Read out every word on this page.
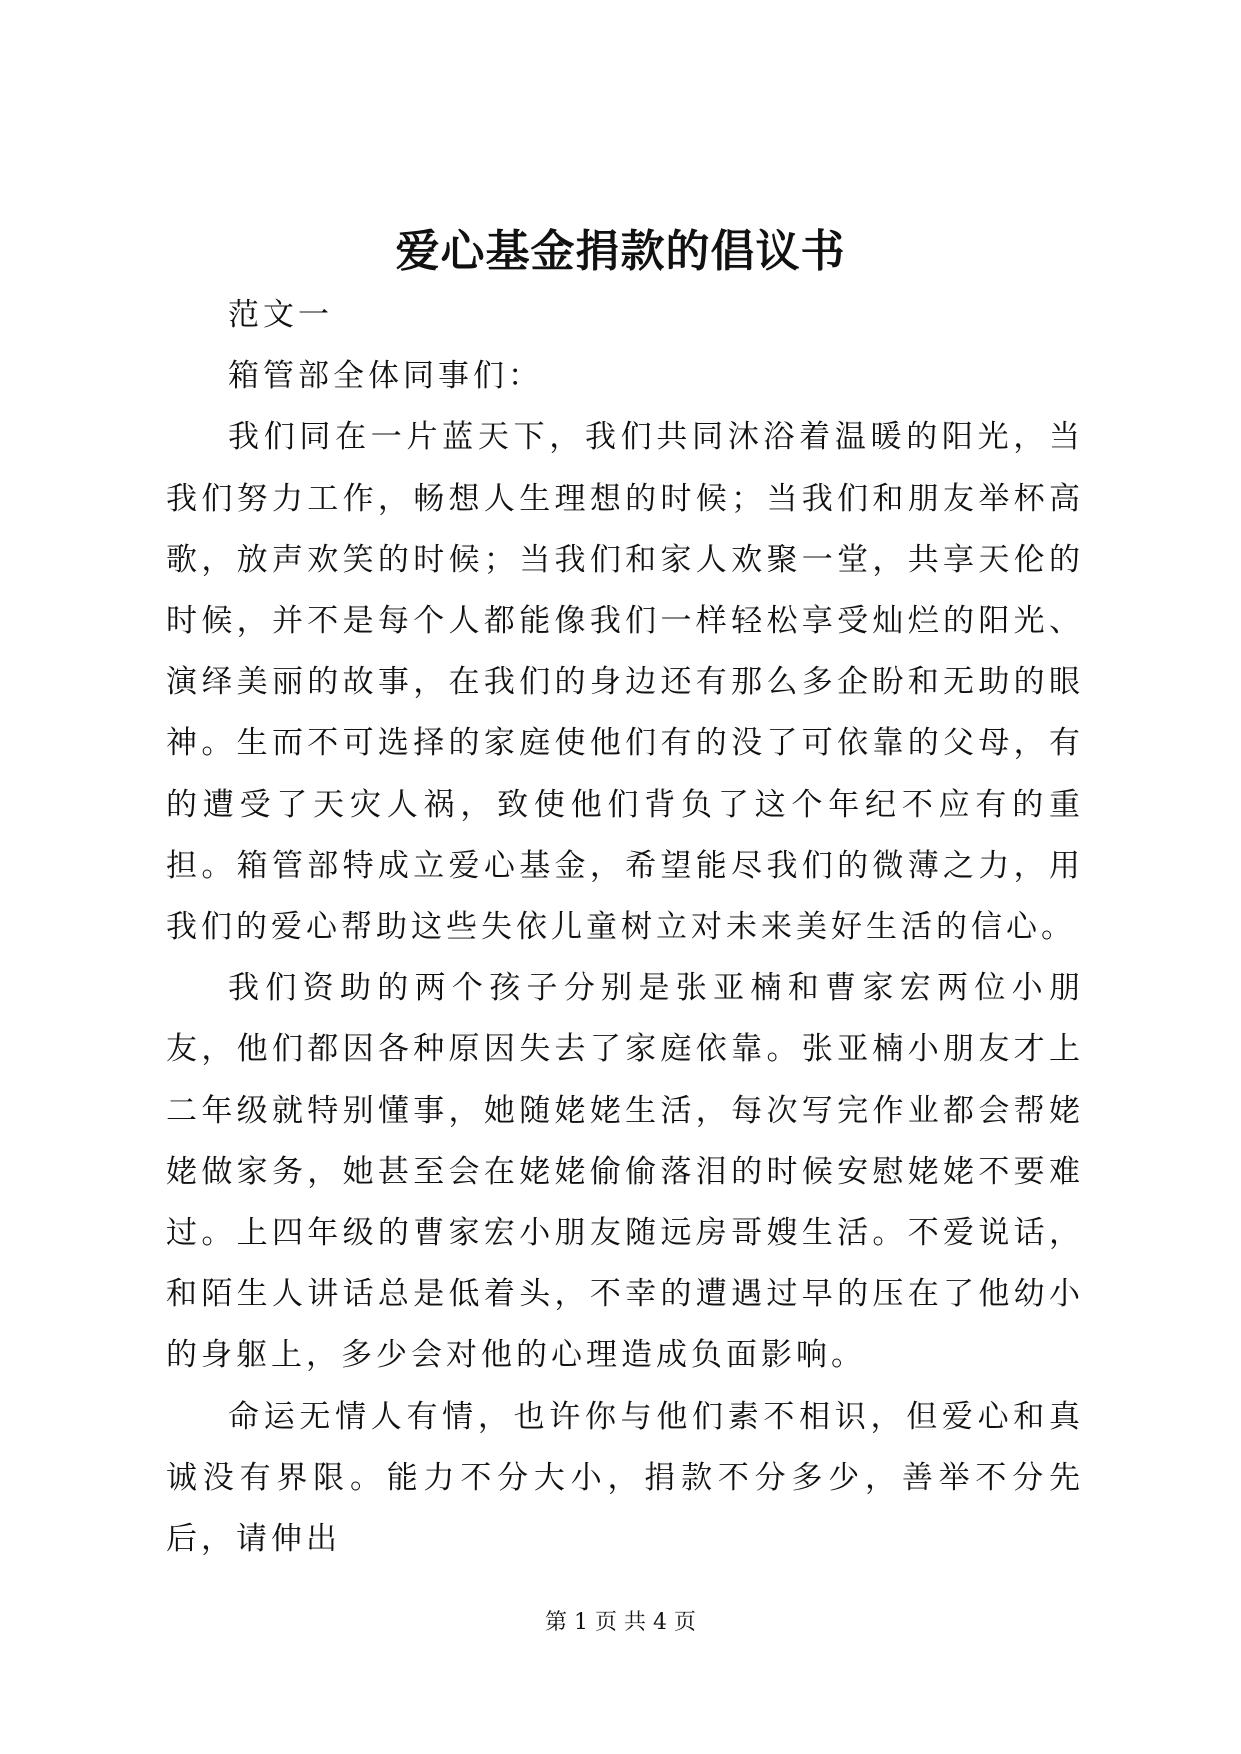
爱心基金捐款的倡议书

范文一

箱管部全体同事们：

我们同在一片蓝天下，我们共同沐浴着温暖的阳光，当我们努力工作，畅想人生理想的时候；当我们和朋友举杯高歌，放声欢笑的时候；当我们和家人欢聚一堂，共享天伦的时候，并不是每个人都能像我们一样轻松享受灿烂的阳光、演绎美丽的故事，在我们的身边还有那么多企盼和无助的眼神。生而不可选择的家庭使他们有的没了可依靠的父母，有的遭受了天灾人祸，致使他们背负了这个年纪不应有的重担。箱管部特成立爱心基金，希望能尽我们的微薄之力，用我们的爱心帮助这些失依儿童树立对未来美好生活的信心。

我们资助的两个孩子分别是张亚楠和曹家宏两位小朋友，他们都因各种原因失去了家庭依靠。张亚楠小朋友才上二年级就特别懂事，她随姥姥生活，每次写完作业都会帮姥姥做家务，她甚至会在姥姥偷偷落泪的时候安慰姥姥不要难过。上四年级的曹家宏小朋友随远房哥嫂生活。不爱说话，和陌生人讲话总是低着头，不幸的遭遇过早的压在了他幼小的身躯上，多少会对他的心理造成负面影响。

命运无情人有情，也许你与他们素不相识，但爱心和真诚没有界限。能力不分大小，捐款不分多少，善举不分先后，请伸出

第 1 页 共 4 页
